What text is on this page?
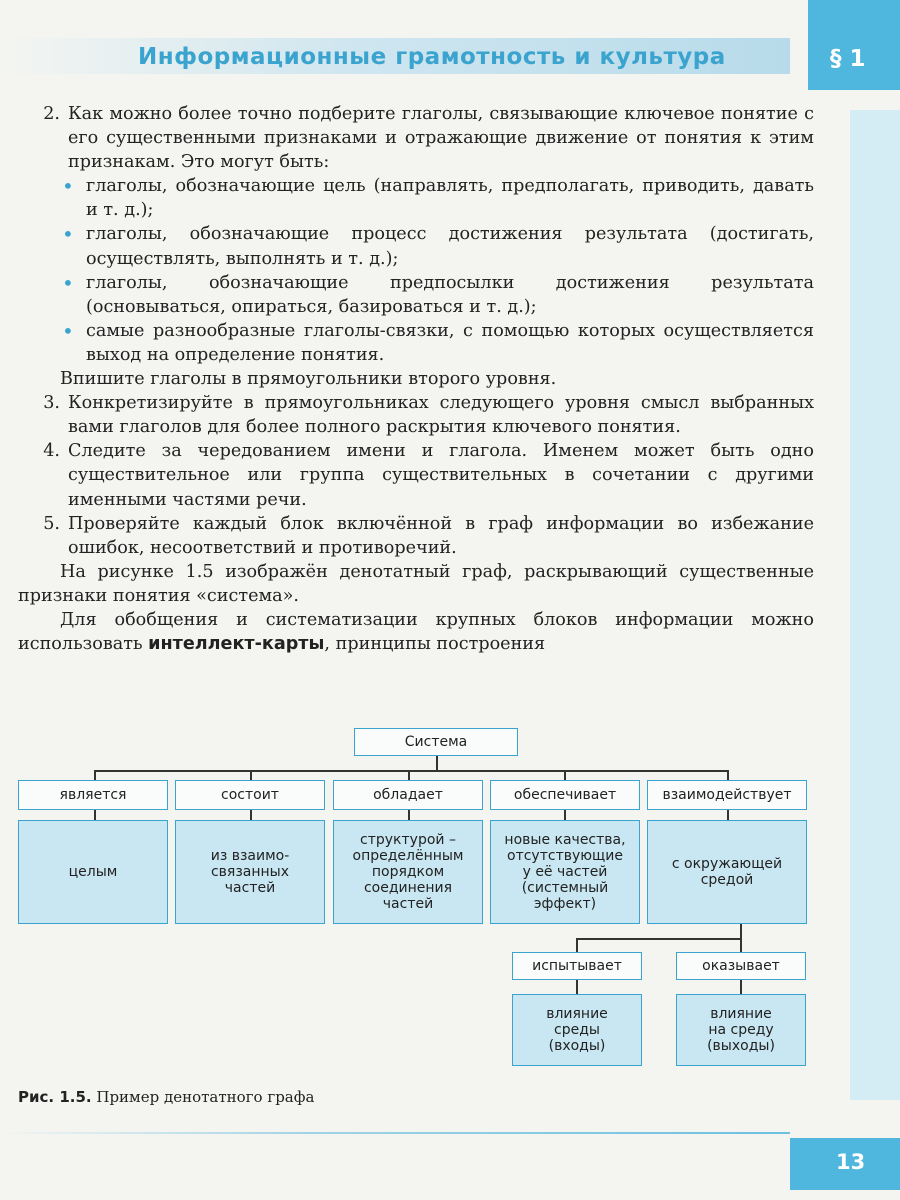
Информационные грамотность и культура	§ 1
2. Как можно более точно подберите глаголы, связывающие ключевое понятие с его существенными признаками и отражающие движение от понятия к этим признакам. Это могут быть:
• глаголы, обозначающие цель (направлять, предполагать, приводить, давать и т. д.);
• глаголы, обозначающие процесс достижения результата (достигать, осуществлять, выполнять и т. д.);
• глаголы, обозначающие предпосылки достижения результата (основываться, опираться, базироваться и т. д.);
• самые разнообразные глаголы-связки, с помощью которых осуществляется выход на определение понятия.

Впишите глаголы в прямоугольники второго уровня.

3. Конкретизируйте в прямоугольниках следующего уровня смысл выбранных вами глаголов для более полного раскрытия ключевого понятия.
4. Следите за чередованием имени и глагола. Именем может быть одно существительное или группа существительных в сочетании с другими именными частями речи.
5. Проверяйте каждый блок включённой в граф информации во избежание ошибок, несоответствий и противоречий.

На рисунке 1.5 изображён денотатный граф, раскрывающий существенные признаки понятия «система».

Для обобщения и систематизации крупных блоков информации можно использовать интеллект-карты, принципы построения

Система
является	состоит	обладает	обеспечивает	взаимодействует
целым
из взаимо-
связанных
частей
структурой –
определённым
порядком
соединения
частей
новые качества,
отсутствующие
у её частей
(системный
эффект)
с окружающей
средой
испытывает	оказывает
влияние
среды
(входы)
влияние
на среду
(выходы)
Рис. 1.5. Пример денотатного графа
13
